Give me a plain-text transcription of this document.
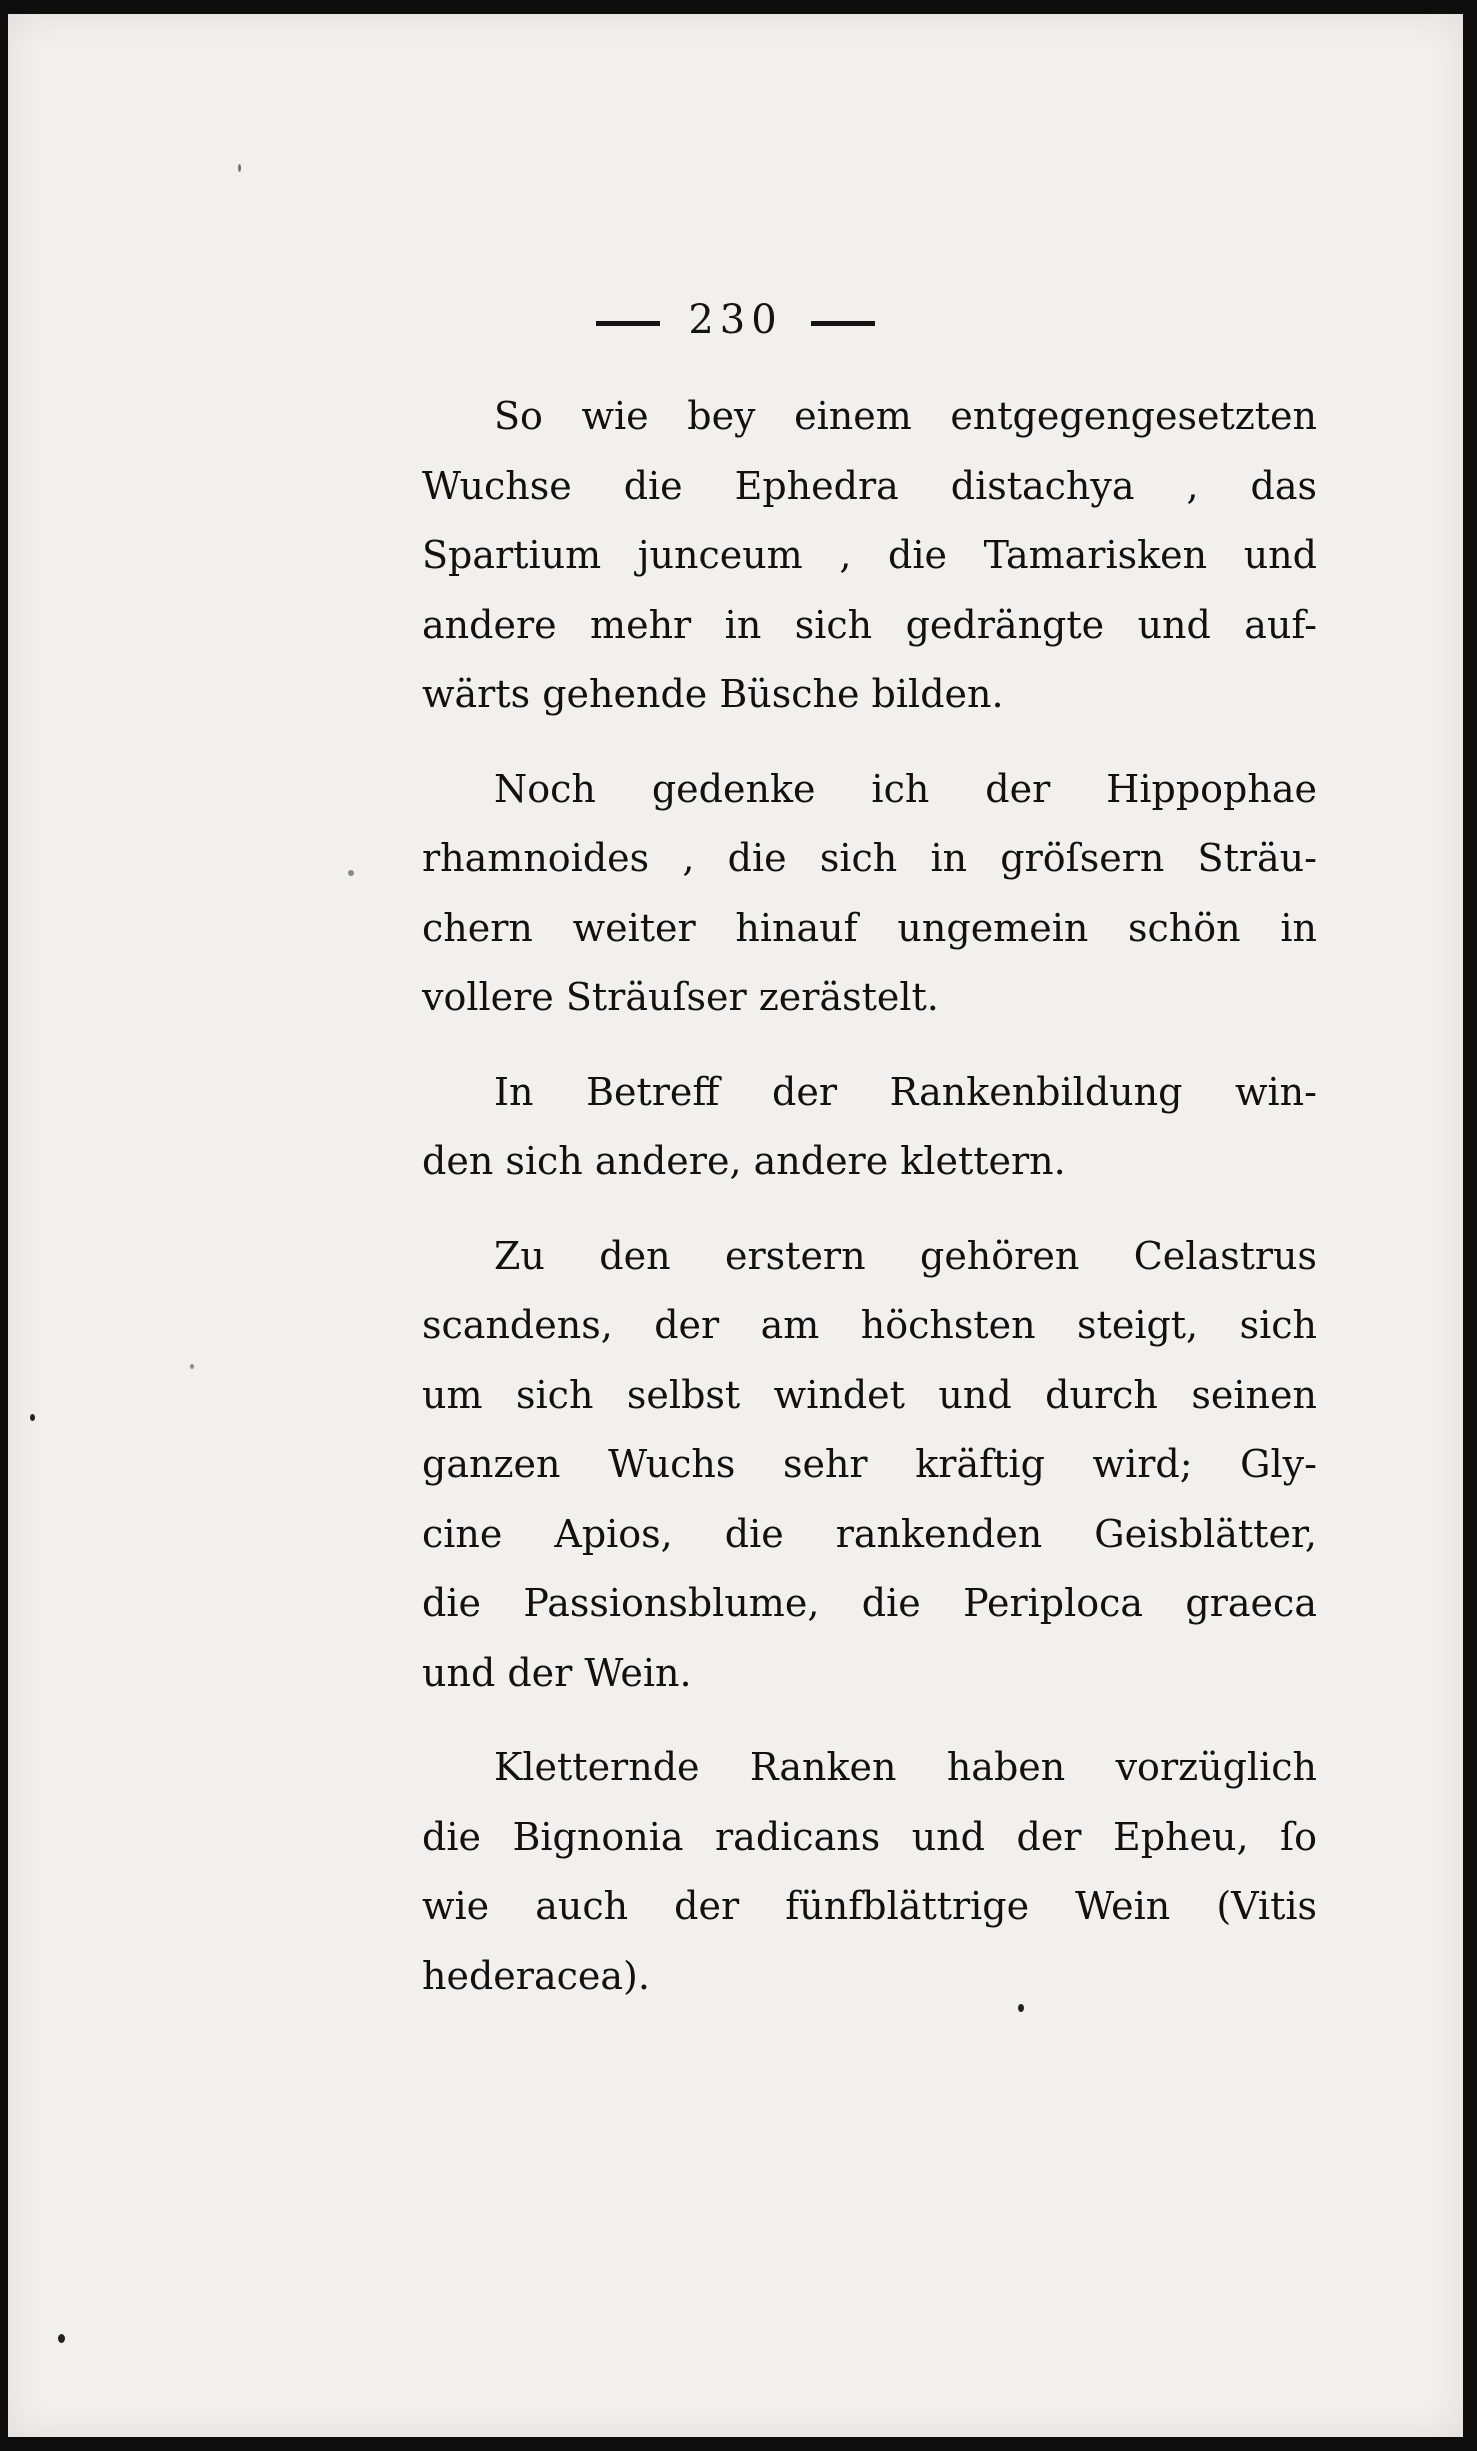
230
So wie bey einem entgegengesetzten
Wuchse die Ephedra distachya , das
Spartium junceum , die Tamarisken und
andere mehr in sich gedrängte und auf-
wärts gehende Büsche bilden.
Noch gedenke ich der Hippophae
rhamnoides , die sich in gröſsern Sträu-
chern weiter hinauf ungemein schön in
vollere Sträuſser zerästelt.
In Betreff der Rankenbildung win-
den sich andere, andere klettern.
Zu den erstern gehören Celastrus
scandens, der am höchsten steigt, sich
um sich selbst windet und durch seinen
ganzen Wuchs sehr kräftig wird; Gly-
cine Apios, die rankenden Geisblätter,
die Passionsblume, die Periploca graeca
und der Wein.
Kletternde Ranken haben vorzüglich
die Bignonia radicans und der Epheu, ſo
wie auch der fünfblättrige Wein (Vitis
hederacea).
